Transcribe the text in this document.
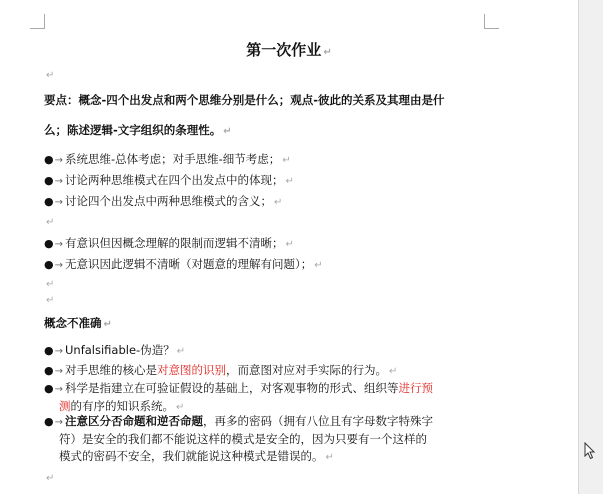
第一次作业 ↵
↵
要点：概念-四个出发点和两个思维分别是什么；观点-彼此的关系及其理由是什
么；陈述逻辑-文字组织的条理性。 ↵
●→ 系统思维-总体考虑；对手思维-细节考虑； ↵
●→ 讨论两种思维模式在四个出发点中的体现； ↵
●→ 讨论四个出发点中两种思维模式的含义； ↵
↵
●→ 有意识但因概念理解的限制而逻辑不清晰； ↵
●→ 无意识因此逻辑不清晰（对题意的理解有问题）； ↵
↵
↵
概念不准确 ↵
●→ Unfalsifiable-伪造？ ↵
●→ 对手思维的核心是对意图的识别，而意图对应对手实际的行为。 ↵
●→ 科学是指建立在可验证假设的基础上，对客观事物的形式、组织等进行预
测的有序的知识系统。 ↵
●→ 注意区分否命题和逆否命题，再多的密码（拥有八位且有字母数字特殊字
符）是安全的我们都不能说这样的模式是安全的，因为只要有一个这样的
模式的密码不安全，我们就能说这种模式是错误的。 ↵
↵
